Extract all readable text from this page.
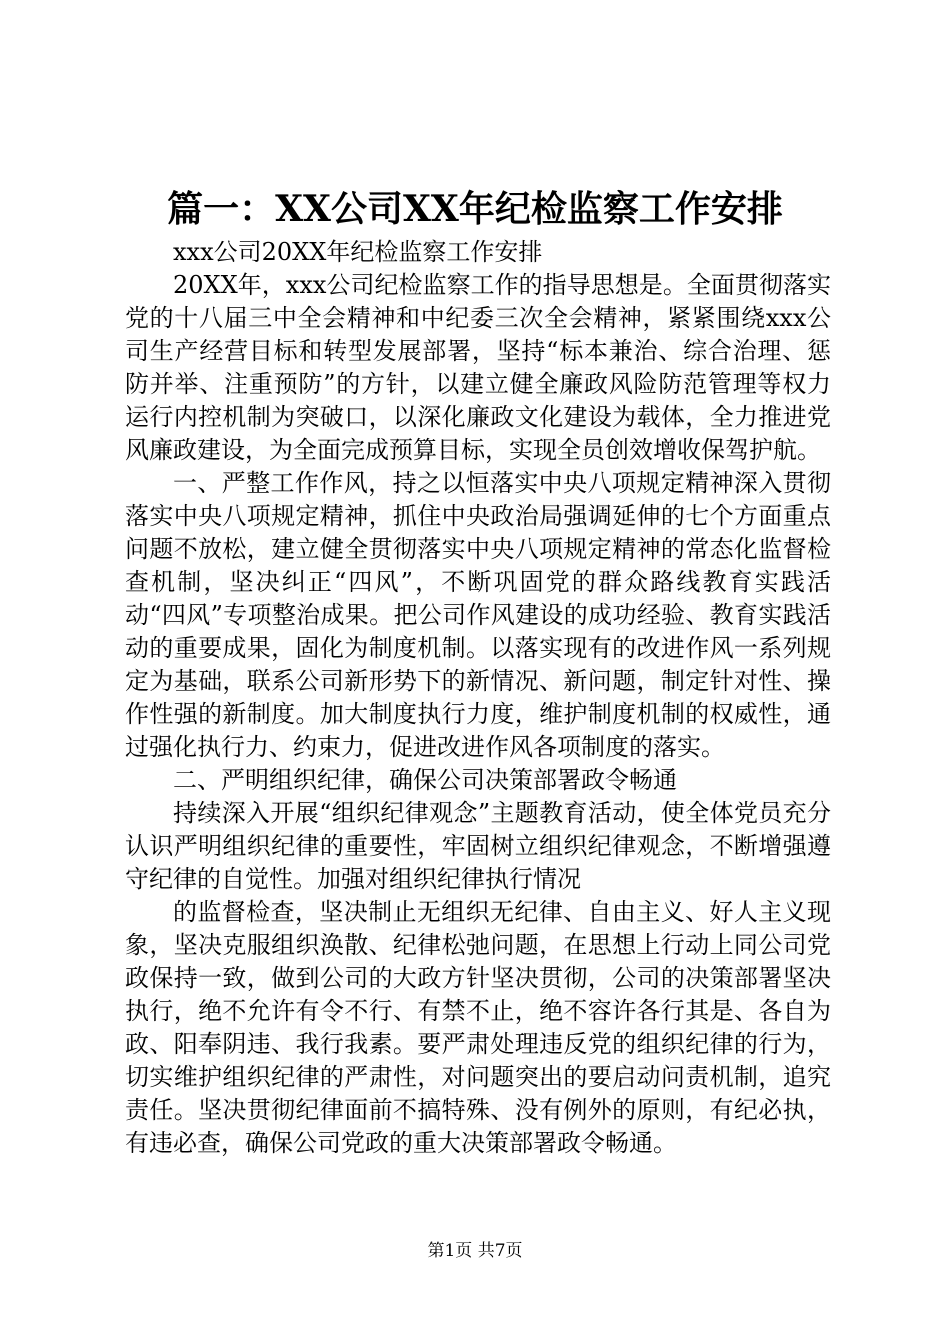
篇一：XX公司XX年纪检监察工作安排

xxx公司20XX年纪检监察工作安排

20XX年，xxx公司纪检监察工作的指导思想是。全面贯彻落实党的十八届三中全会精神和中纪委三次全会精神，紧紧围绕xxx公司生产经营目标和转型发展部署，坚持“标本兼治、综合治理、惩防并举、注重预防”的方针，以建立健全廉政风险防范管理等权力运行内控机制为突破口，以深化廉政文化建设为载体，全力推进党风廉政建设，为全面完成预算目标，实现全员创效增收保驾护航。

一、严整工作作风，持之以恒落实中央八项规定精神深入贯彻落实中央八项规定精神，抓住中央政治局强调延伸的七个方面重点问题不放松，建立健全贯彻落实中央八项规定精神的常态化监督检查机制，坚决纠正“四风”，不断巩固党的群众路线教育实践活动“四风”专项整治成果。把公司作风建设的成功经验、教育实践活动的重要成果，固化为制度机制。以落实现有的改进作风一系列规定为基础，联系公司新形势下的新情况、新问题，制定针对性、操作性强的新制度。加大制度执行力度，维护制度机制的权威性，通过强化执行力、约束力，促进改进作风各项制度的落实。

二、严明组织纪律，确保公司决策部署政令畅通

持续深入开展“组织纪律观念”主题教育活动，使全体党员充分认识严明组织纪律的重要性，牢固树立组织纪律观念，不断增强遵守纪律的自觉性。加强对组织纪律执行情况

的监督检查，坚决制止无组织无纪律、自由主义、好人主义现象，坚决克服组织涣散、纪律松弛问题，在思想上行动上同公司党政保持一致，做到公司的大政方针坚决贯彻，公司的决策部署坚决执行，绝不允许有令不行、有禁不止，绝不容许各行其是、各自为政、阳奉阴违、我行我素。要严肃处理违反党的组织纪律的行为，切实维护组织纪律的严肃性，对问题突出的要启动问责机制，追究责任。坚决贯彻纪律面前不搞特殊、没有例外的原则，有纪必执，有违必查，确保公司党政的重大决策部署政令畅通。

第1页 共7页
